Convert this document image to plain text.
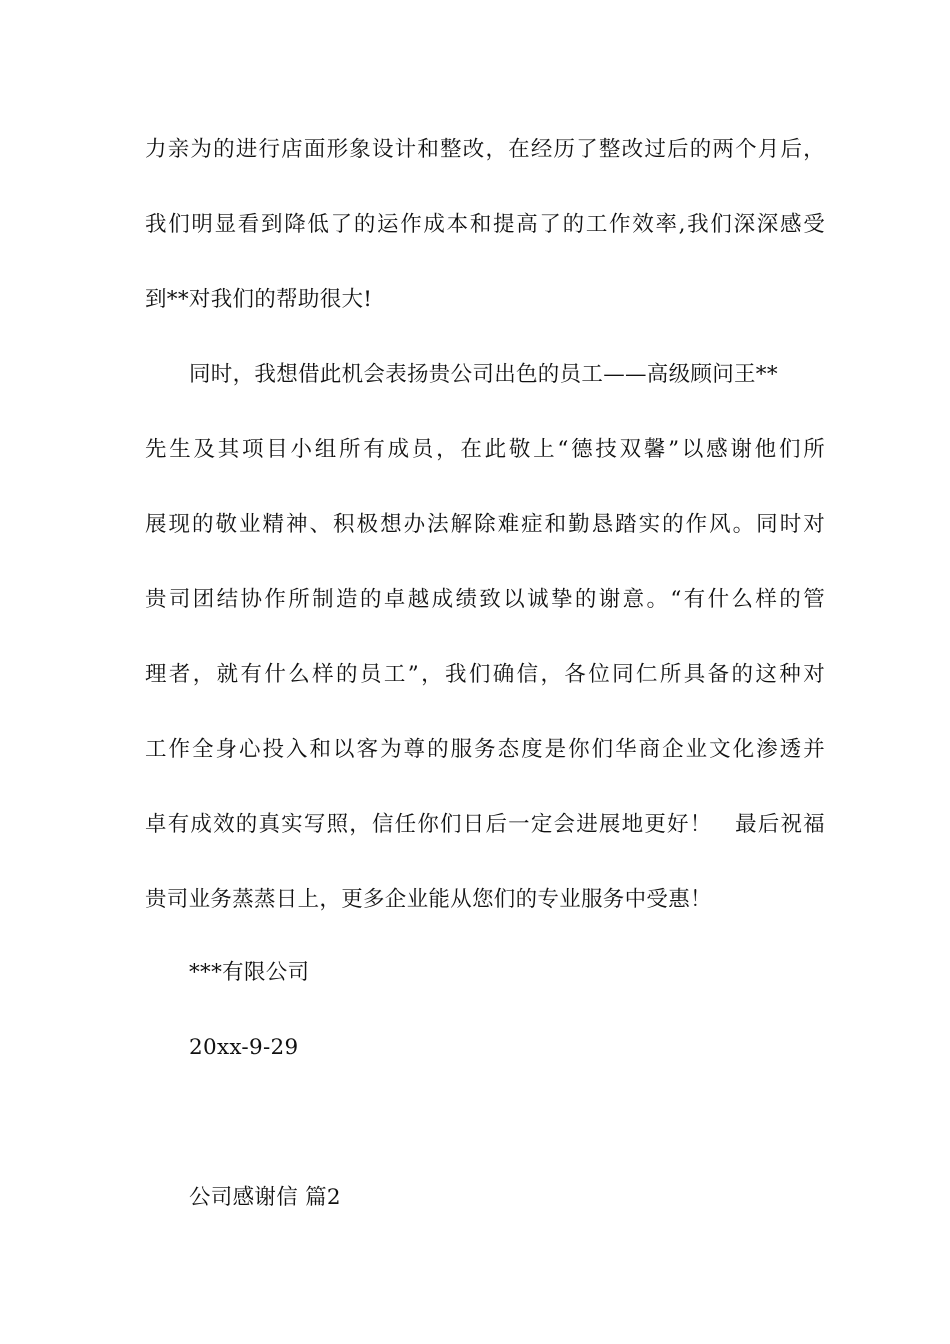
力亲为的进行店面形象设计和整改，在经历了整改过后的两个月后，
我们明显看到降低了的运作成本和提高了的工作效率,我们深深感受
到**对我们的帮助很大!
同时，我想借此机会表扬贵公司出色的员工——高级顾问王**
先生及其项目小组所有成员，在此敬上“德技双馨”以感谢他们所
展现的敬业精神、积极想办法解除难症和勤恳踏实的作风。同时对
贵司团结协作所制造的卓越成绩致以诚挚的谢意。“有什么样的管
理者，就有什么样的员工”，我们确信，各位同仁所具备的这种对
工作全身心投入和以客为尊的服务态度是你们华商企业文化渗透并
卓有成效的真实写照，信任你们日后一定会进展地更好！　最后祝福
贵司业务蒸蒸日上，更多企业能从您们的专业服务中受惠！
***有限公司
20xx-9-29
公司感谢信 篇2
